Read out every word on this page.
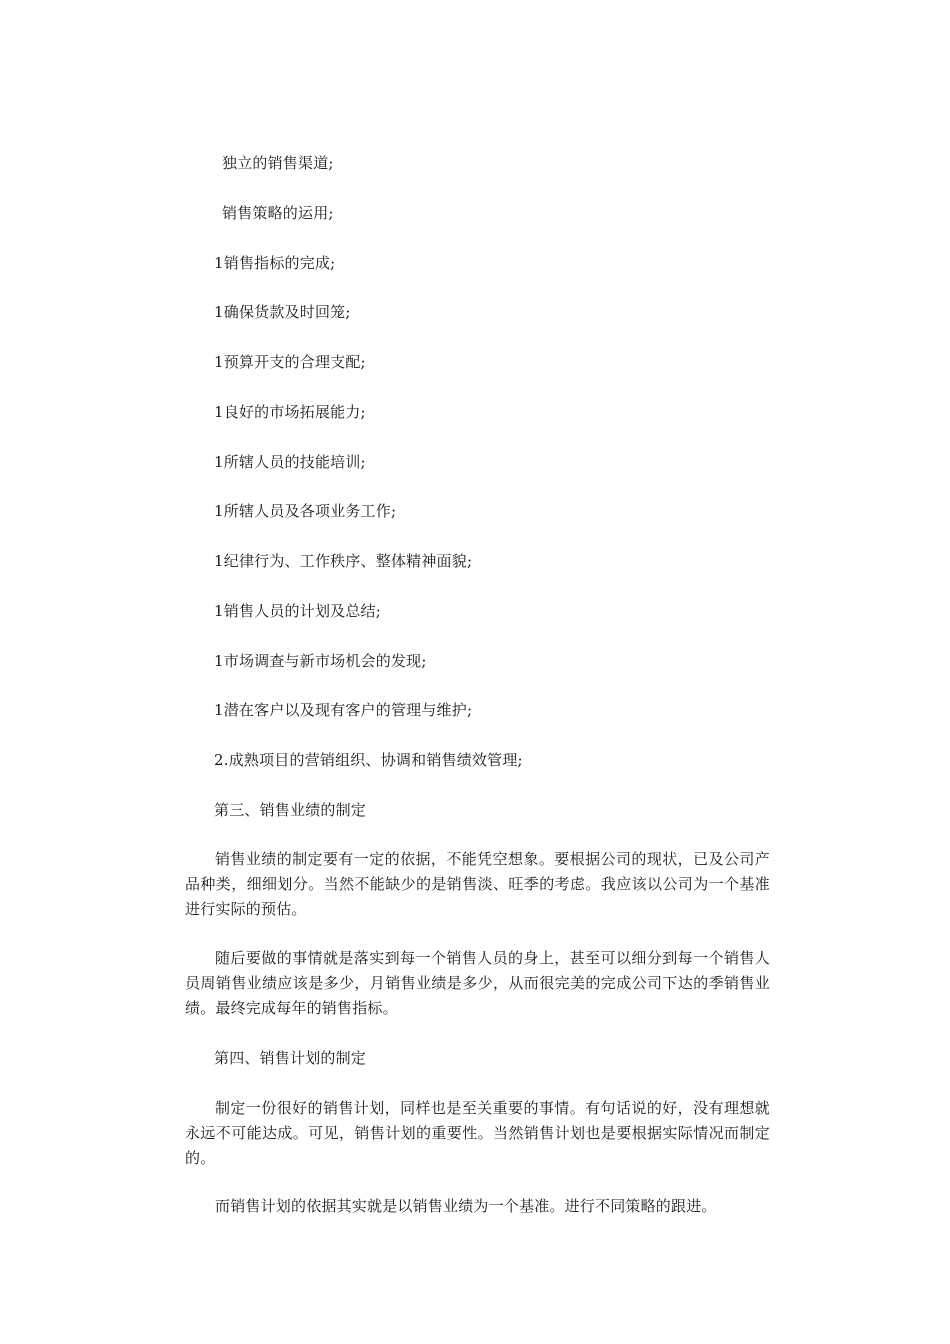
独立的销售渠道;
销售策略的运用;
1销售指标的完成;
1确保货款及时回笼;
1预算开支的合理支配;
1良好的市场拓展能力;
1所辖人员的技能培训;
1所辖人员及各项业务工作;
1纪律行为、工作秩序、整体精神面貌;
1销售人员的计划及总结;
1市场调查与新市场机会的发现;
1潜在客户以及现有客户的管理与维护;
2.成熟项目的营销组织、协调和销售绩效管理;
第三、销售业绩的制定
销售业绩的制定要有一定的依据，不能凭空想象。要根据公司的现状，已及公司产品种类，细细划分。当然不能缺少的是销售淡、旺季的考虑。我应该以公司为一个基准进行实际的预估。
随后要做的事情就是落实到每一个销售人员的身上，甚至可以细分到每一个销售人员周销售业绩应该是多少，月销售业绩是多少，从而很完美的完成公司下达的季销售业绩。最终完成每年的销售指标。
第四、销售计划的制定
制定一份很好的销售计划，同样也是至关重要的事情。有句话说的好，没有理想就永远不可能达成。可见，销售计划的重要性。当然销售计划也是要根据实际情况而制定的。
而销售计划的依据其实就是以销售业绩为一个基准。进行不同策略的跟进。
